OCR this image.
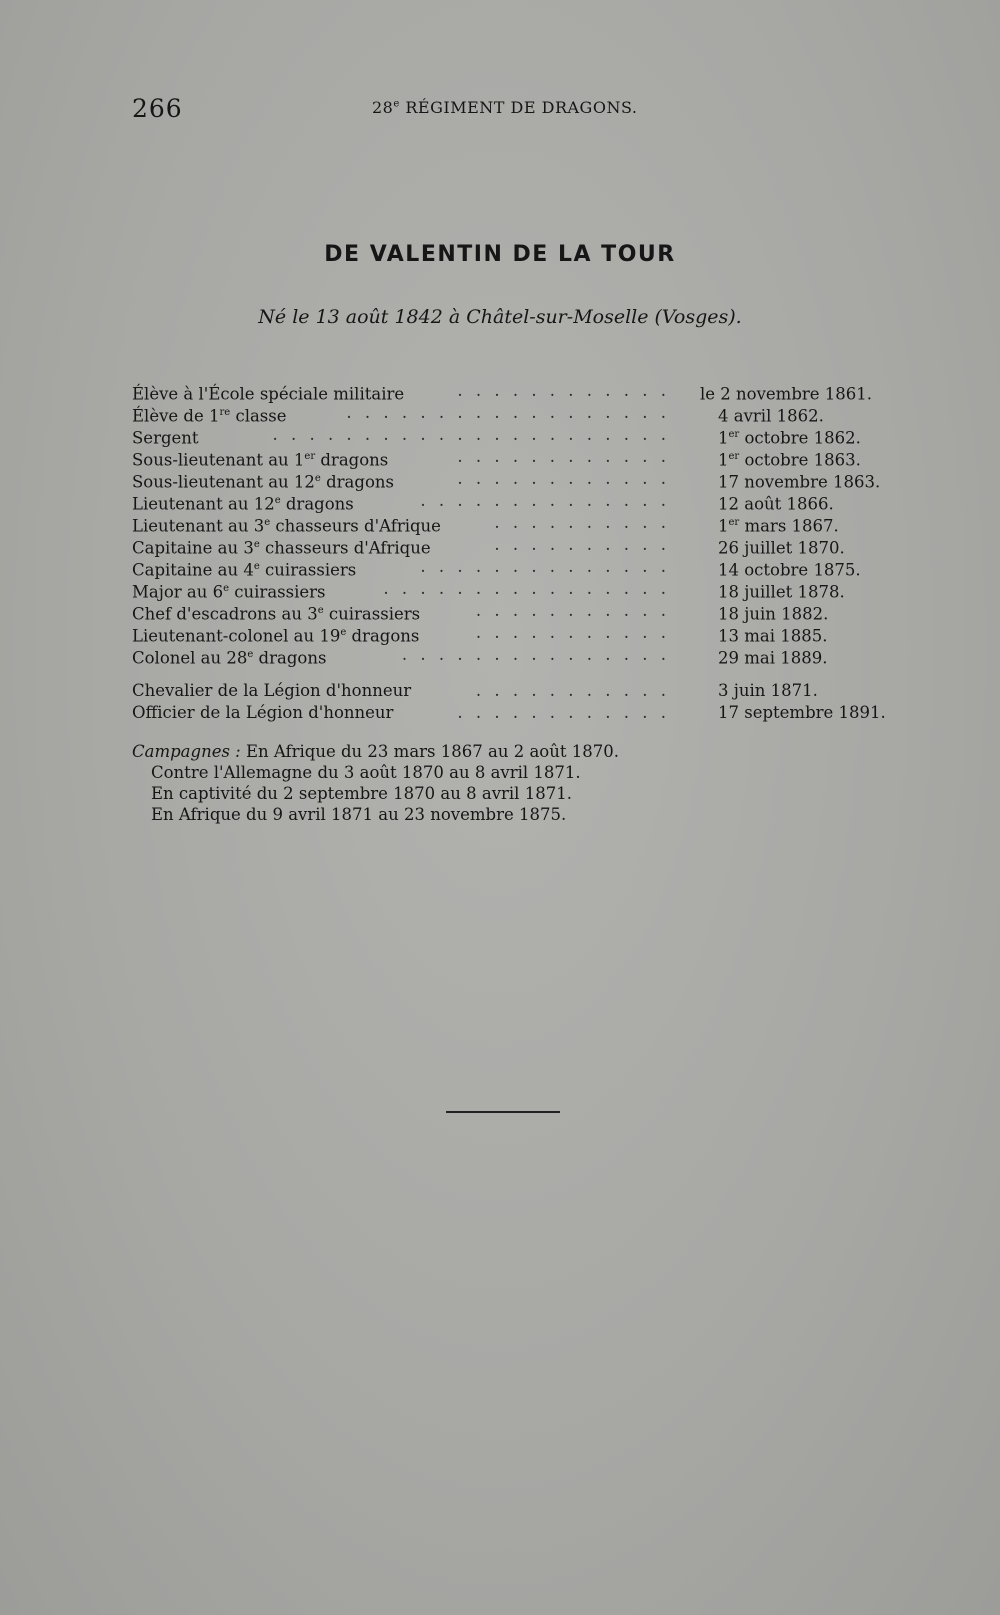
266	28e RÉGIMENT DE DRAGONS.
DE VALENTIN DE LA TOUR
Né le 13 août 1842 à Châtel-sur-Moselle (Vosges).
Élève à l'École spéciale militaire	. . . . . . . . . . . . le 2 novembre 1861.
Élève de 1re classe	. . . . . . . . . . . . . . . . . .	4 avril 1862.
Sergent	. . . . . . . . . . . . . . . . . . . . . .	1er octobre 1862.
Sous-lieutenant au 1er dragons	. . . . . . . . . . . .	1er octobre 1863.
Sous-lieutenant au 12e dragons	. . . . . . . . . . . .	17 novembre 1863.
Lieutenant au 12e dragons	. . . . . . . . . . . . . .	12 août 1866.
Lieutenant au 3e chasseurs d'Afrique	. . . . . . . . . .	1er mars 1867.
Capitaine au 3e chasseurs d'Afrique	. . . . . . . . . .	26 juillet 1870.
Capitaine au 4e cuirassiers	. . . . . . . . . . . . . .	14 octobre 1875.
Major au 6e cuirassiers	. . . . . . . . . . . . . . . .	18 juillet 1878.
Chef d'escadrons au 3e cuirassiers	. . . . . . . . . . .	18 juin 1882.
Lieutenant-colonel au 19e dragons	. . . . . . . . . . .	13 mai 1885.
Colonel au 28e dragons	. . . . . . . . . . . . . . .	29 mai 1889.
Chevalier de la Légion d'honneur	. . . . . . . . . . .	3 juin 1871.
Officier de la Légion d'honneur	. . . . . . . . . . . .	17 septembre 1891.
Campagnes : En Afrique du 23 mars 1867 au 2 août 1870.
Contre l'Allemagne du 3 août 1870 au 8 avril 1871.
En captivité du 2 septembre 1870 au 8 avril 1871.
En Afrique du 9 avril 1871 au 23 novembre 1875.
